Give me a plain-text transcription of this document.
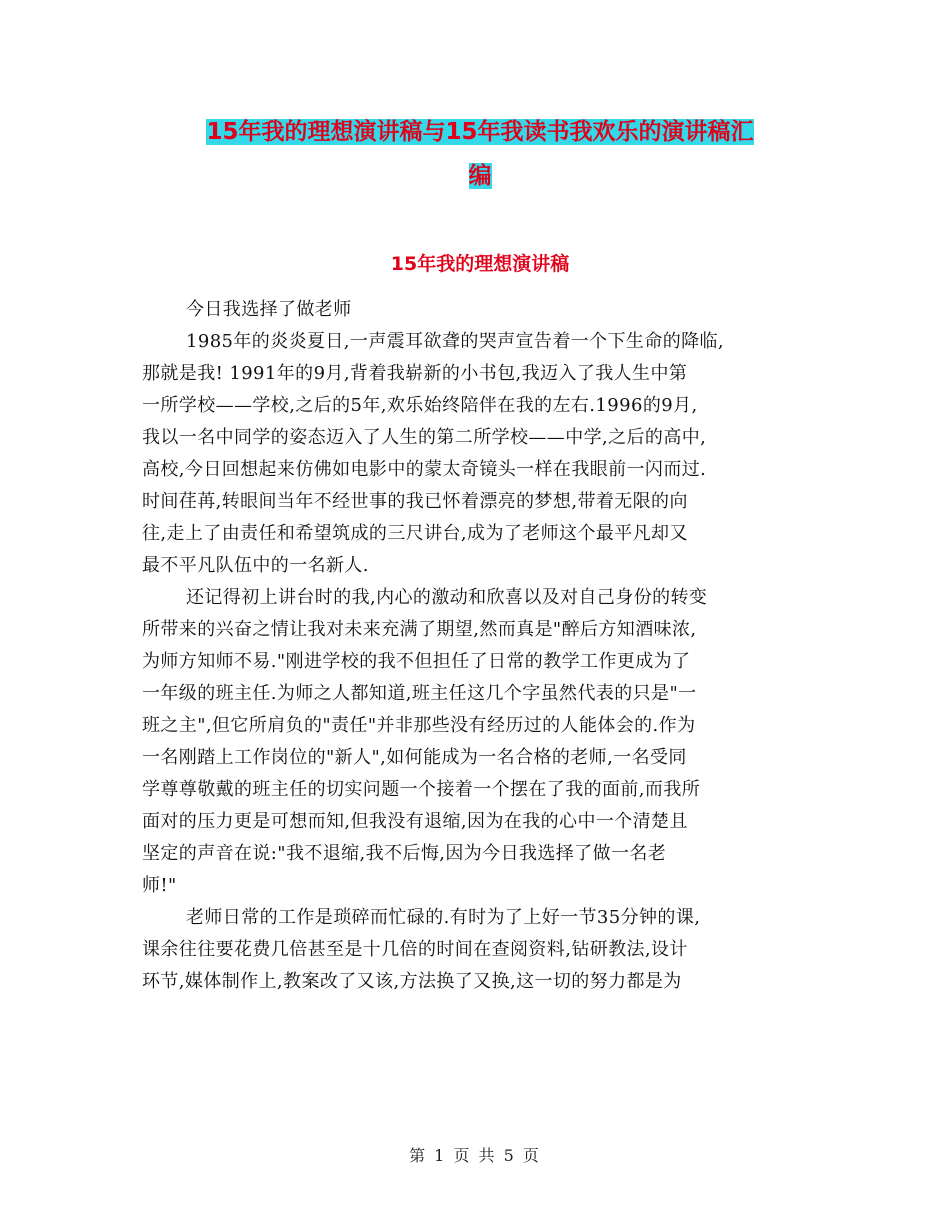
15年我的理想演讲稿与15年我读书我欢乐的演讲稿汇
编
15年我的理想演讲稿
今日我选择了做老师
1985年的炎炎夏日,一声震耳欲聋的哭声宣告着一个下生命的降临,
那就是我! 1991年的9月,背着我崭新的小书包,我迈入了我人生中第
一所学校——学校,之后的5年,欢乐始终陪伴在我的左右.1996的9月,
我以一名中同学的姿态迈入了人生的第二所学校——中学,之后的高中,
高校,今日回想起来仿佛如电影中的蒙太奇镜头一样在我眼前一闪而过.
时间荏苒,转眼间当年不经世事的我已怀着漂亮的梦想,带着无限的向
往,走上了由责任和希望筑成的三尺讲台,成为了老师这个最平凡却又
最不平凡队伍中的一名新人.
还记得初上讲台时的我,内心的激动和欣喜以及对自己身份的转变
所带来的兴奋之情让我对未来充满了期望,然而真是"醉后方知酒味浓,
为师方知师不易."刚进学校的我不但担任了日常的教学工作更成为了
一年级的班主任.为师之人都知道,班主任这几个字虽然代表的只是"一
班之主",但它所肩负的"责任"并非那些没有经历过的人能体会的.作为
一名刚踏上工作岗位的"新人",如何能成为一名合格的老师,一名受同
学尊尊敬戴的班主任的切实问题一个接着一个摆在了我的面前,而我所
面对的压力更是可想而知,但我没有退缩,因为在我的心中一个清楚且
坚定的声音在说:"我不退缩,我不后悔,因为今日我选择了做一名老
师!"
老师日常的工作是琐碎而忙碌的.有时为了上好一节35分钟的课,
课余往往要花费几倍甚至是十几倍的时间在查阅资料,钻研教法,设计
环节,媒体制作上,教案改了又该,方法换了又换,这一切的努力都是为
第 1 页 共 5 页
